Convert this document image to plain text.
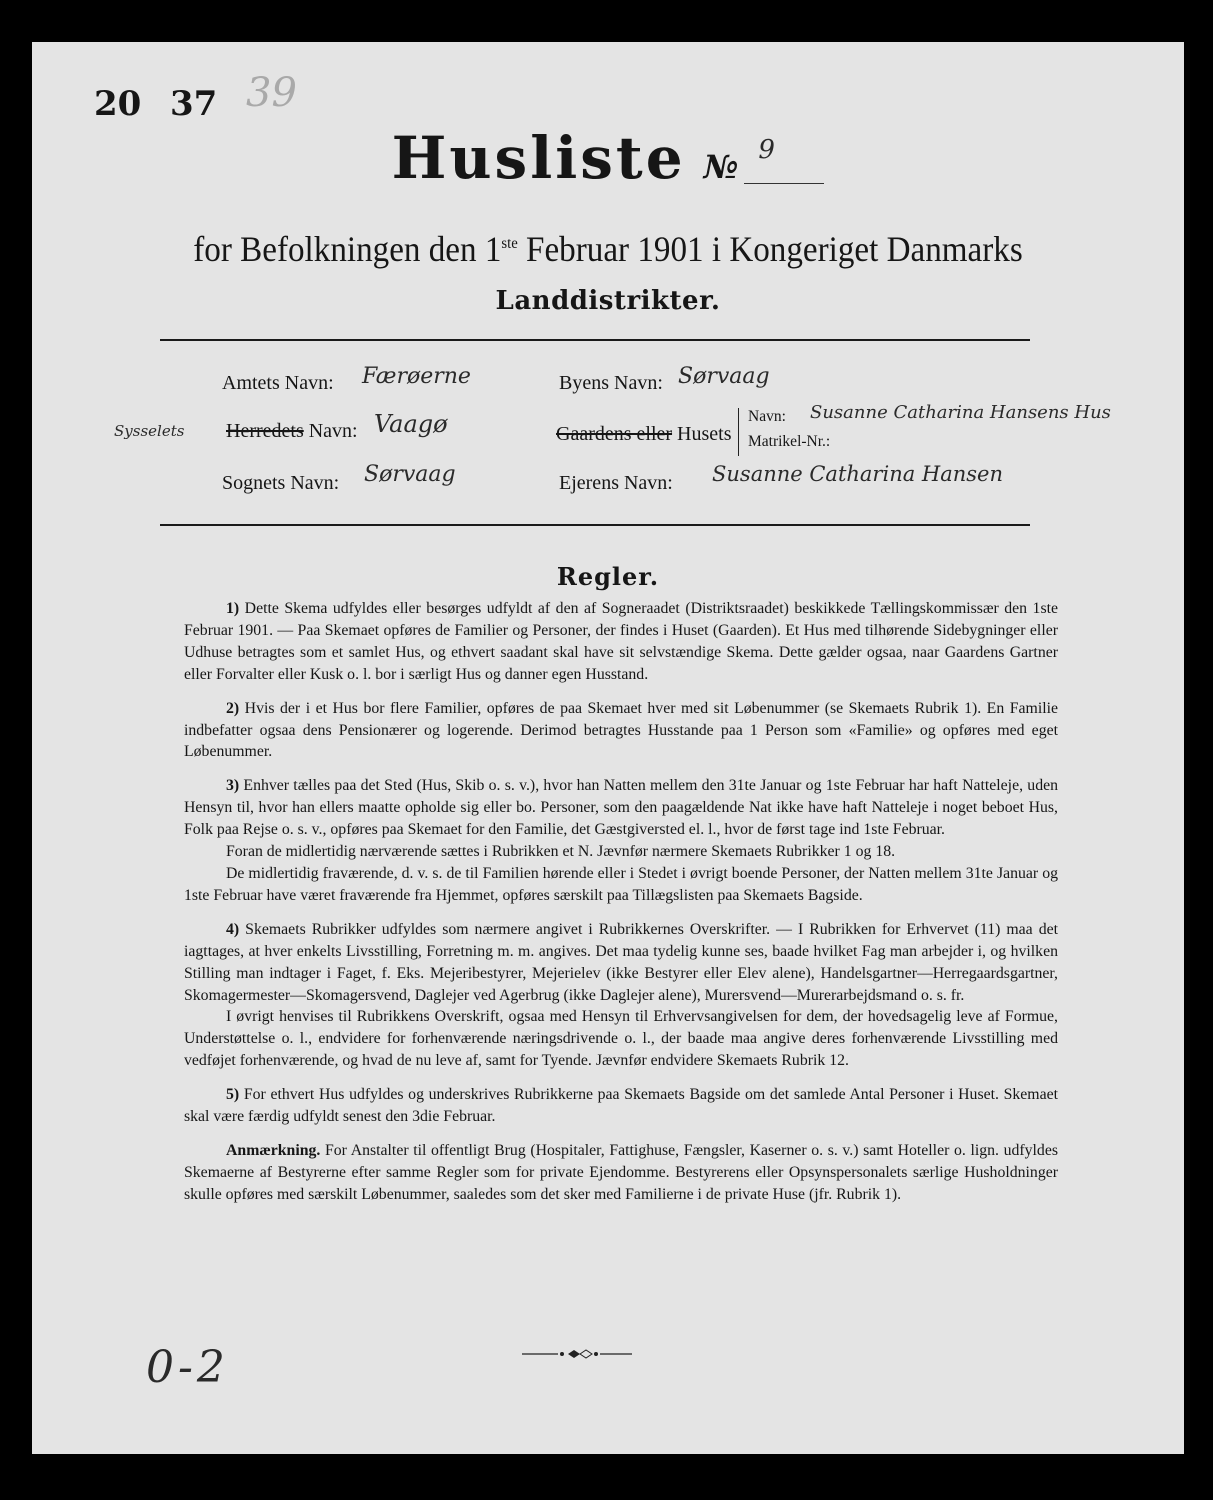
20 37 39
Husliste № 9

for Befolkningen den 1ste Februar 1901 i Kongeriget Danmarks
Landdistrikter.
Amtets Navn: Færøerne	Byens Navn: Sørvaag
Sysselets Herredets Navn: Vaagø	Gaardens eller Husets
Navn: Susanne Catharina Hansens Hus
Matrikel-Nr.:
Sognets Navn: Sørvaag	Ejerens Navn: Susanne Catharina Hansen
Regler.

1) Dette Skema udfyldes eller besørges udfyldt af den af Sogneraadet (Distriktsraadet) beskikkede Tællingskommissær den 1ste Februar 1901. — Paa Skemaet opføres de Familier og Personer, der findes i Huset (Gaarden). Et Hus med tilhørende Sidebygninger eller Udhuse betragtes som et samlet Hus, og ethvert saadant skal have sit selvstændige Skema. Dette gælder ogsaa, naar Gaardens Gartner eller Forvalter eller Kusk o. l. bor i særligt Hus og danner egen Husstand.

2) Hvis der i et Hus bor flere Familier, opføres de paa Skemaet hver med sit Løbenummer (se Skemaets Rubrik 1). En Familie indbefatter ogsaa dens Pensionærer og logerende. Derimod betragtes Husstande paa 1 Person som «Familie» og opføres med eget Løbenummer.

3) Enhver tælles paa det Sted (Hus, Skib o. s. v.), hvor han Natten mellem den 31te Januar og 1ste Februar har haft Natteleje, uden Hensyn til, hvor han ellers maatte opholde sig eller bo. Personer, som den paagældende Nat ikke have haft Natteleje i noget beboet Hus, Folk paa Rejse o. s. v., opføres paa Skemaet for den Familie, det Gæstgiversted el. l., hvor de først tage ind 1ste Februar.

Foran de midlertidig nærværende sættes i Rubrikken et N. Jævnfør nærmere Skemaets Rubrikker 1 og 18.

De midlertidig fraværende, d. v. s. de til Familien hørende eller i Stedet i øvrigt boende Personer, der Natten mellem 31te Januar og 1ste Februar have været fraværende fra Hjemmet, opføres særskilt paa Tillægslisten paa Skemaets Bagside.

4) Skemaets Rubrikker udfyldes som nærmere angivet i Rubrikkernes Overskrifter. — I Rubrikken for Erhvervet (11) maa det iagttages, at hver enkelts Livsstilling, Forretning m. m. angives. Det maa tydelig kunne ses, baade hvilket Fag man arbejder i, og hvilken Stilling man indtager i Faget, f. Eks. Mejeribestyrer, Mejerielev (ikke Bestyrer eller Elev alene), Handelsgartner—Herregaardsgartner, Skomagermester—Skomagersvend, Daglejer ved Agerbrug (ikke Daglejer alene), Murersvend—Murerarbejdsmand o. s. fr.

I øvrigt henvises til Rubrikkens Overskrift, ogsaa med Hensyn til Erhvervsangivelsen for dem, der hovedsagelig leve af Formue, Understøttelse o. l., endvidere for forhenværende næringsdrivende o. l., der baade maa angive deres forhenværende Livsstilling med vedføjet forhenværende, og hvad de nu leve af, samt for Tyende. Jævnfør endvidere Skemaets Rubrik 12.

5) For ethvert Hus udfyldes og underskrives Rubrikkerne paa Skemaets Bagside om det samlede Antal Personer i Huset. Skemaet skal være færdig udfyldt senest den 3die Februar.

Anmærkning. For Anstalter til offentligt Brug (Hospitaler, Fattighuse, Fængsler, Kaserner o. s. v.) samt Hoteller o. lign. udfyldes Skemaerne af Bestyrerne efter samme Regler som for private Ejendomme. Bestyrerens eller Opsynspersonalets særlige Husholdninger skulle opføres med særskilt Løbenummer, saaledes som det sker med Familierne i de private Huse (jfr. Rubrik 1).

0-2
